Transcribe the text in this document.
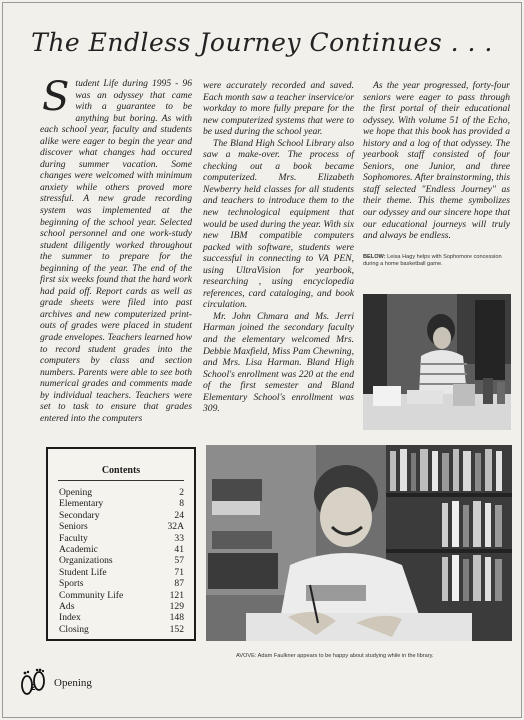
The Endless Journey Continues . . .

Student Life during 1995 - 96 was an odyssey that came with a guarantee to be anything but boring. As with each school year, faculty and students alike were eager to begin the year and discover what changes had occured during summer vacation. Some changes were welcomed with minimum anxiety while others proved more stressful. A new grade recording system was implemented at the beginning of the school year. Selected school personnel and one work-study student diligently worked throughout the summer to prepare for the beginning of the year. The end of the first six weeks found that the hard work had paid off. Report cards as well as grade sheets were filed into past archives and new computerized print-outs of grades were placed in student grade envelopes. Teachers learned how to record student grades into the computers by class and section numbers. Parents were able to see both numerical grades and comments made by individual teachers. Teachers were set to task to ensure that grades entered into the computers

were accurately recorded and saved. Each month saw a teacher inservice/or workday to more fully prepare for the new computerized systems that were to be used during the school year.

The Bland High School Library also saw a make-over. The process of checking out a book became computerized. Mrs. Elizabeth Newberry held classes for all students and teachers to introduce them to the new technological equipment that would be used during the year. With six new IBM compatible computers packed with software, students were successful in connecting to VA PEN, using UltraVision for yearbook, researching , using encyclopedia references, card cataloging, and book circulation.

Mr. John Chmara and Ms. Jerri Harman joined the secondary faculty and the elementary welcomed Mrs. Debbie Maxfield, Miss Pam Chewning, and Mrs. Lisa Harman. Bland High School's enrollment was 220 at the end of the first semester and Bland Elementary School's enrollment was 309.

As the year progressed, forty-four seniors were eager to pass through the first portal of their educational odyssey. With volume 51 of the Echo, we hope that this book has provided a history and a log of that odyssey. The yearbook staff consisted of four Seniors, one Junior, and three Sophomores. After brainstorming, this staff selected "Endless Journey" as their theme. This theme symbolizes our odyssey and our sincere hope that our educational journeys will truly and always be endless.

BELOW: Leisa Hagy helps with Sophomore concession during a home basketball game.
Contents
Opening	2
Elementary	8
Secondary	24
Seniors	32A
Faculty	33
Academic	41
Organizations	57
Student Life	71
Sports	87
Community Life	121
Ads	129
Index	148
Closing	152
AVOVE: Adam Faulkner appears to be happy about studying while in the library.
Opening
2
